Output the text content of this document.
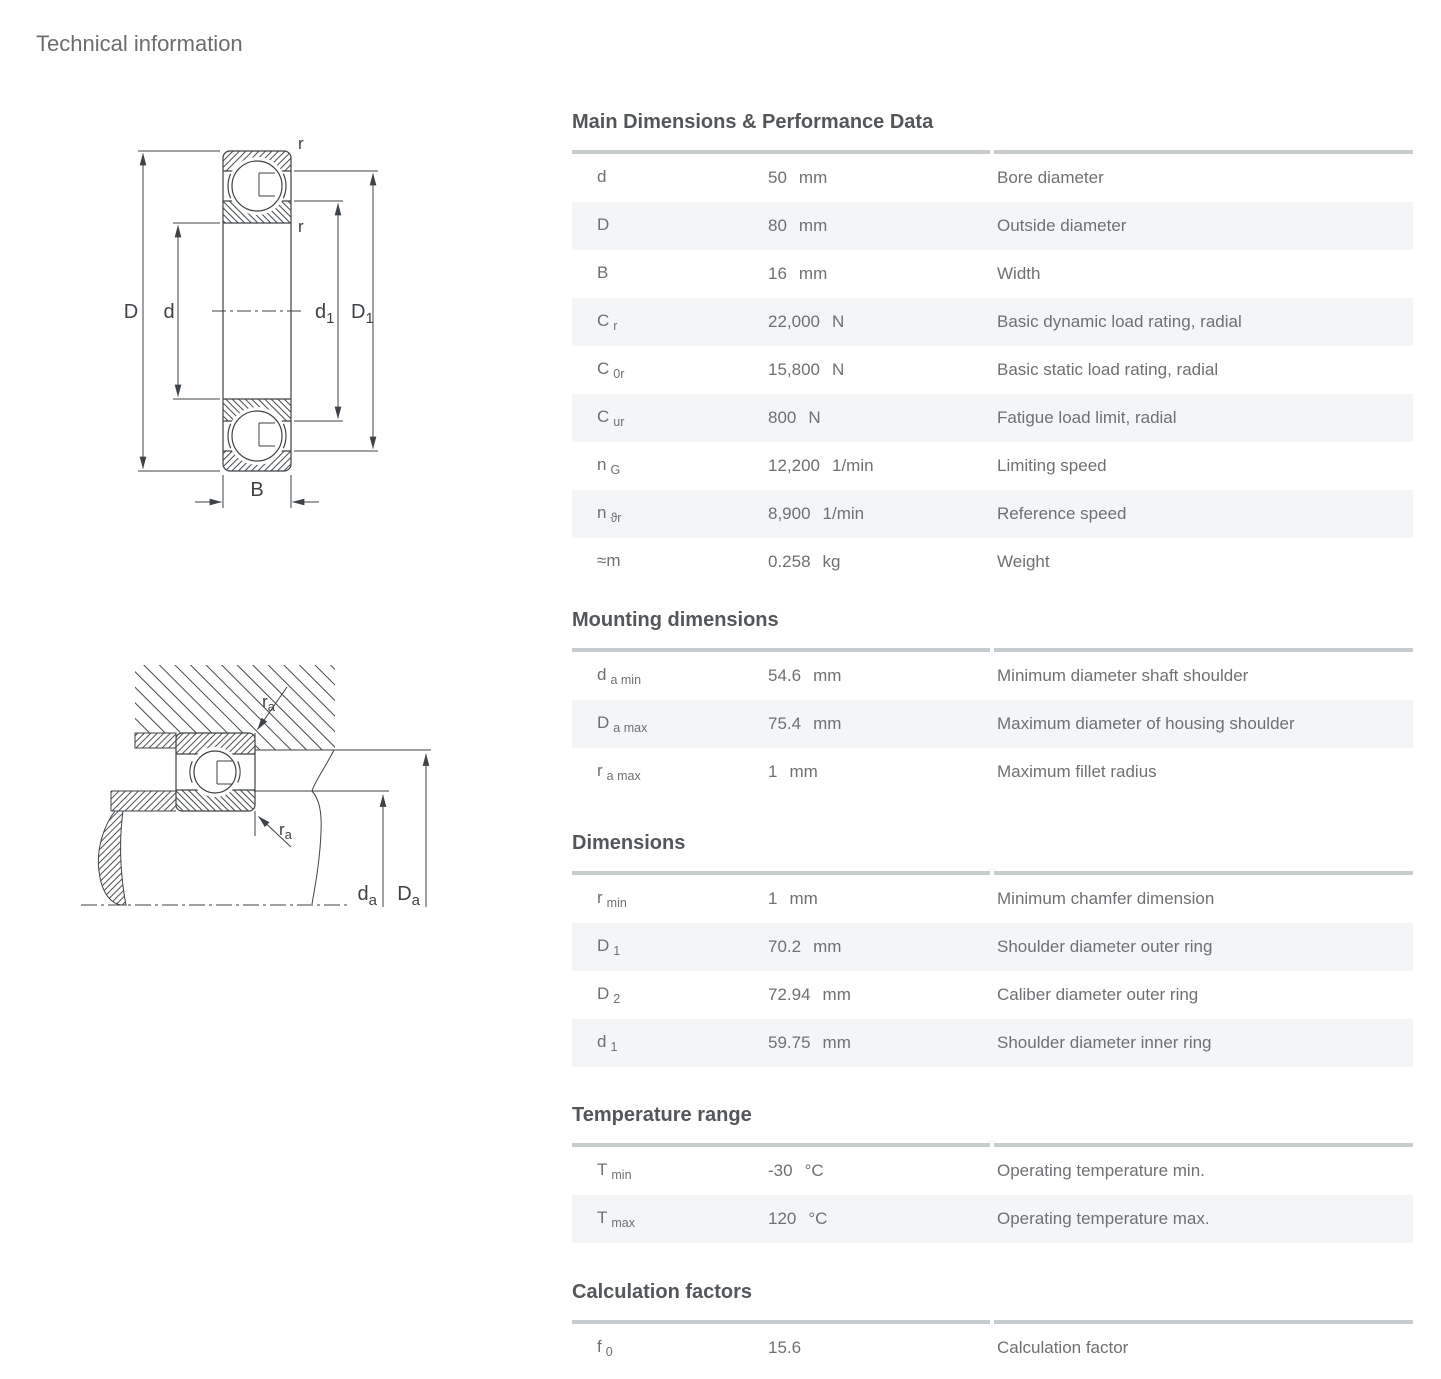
Technical information
D d	$d_1$ $D_1$
B
r
r
$r_a$
$r_a$
$d_a$ $D_a$
Main Dimensions & Performance Data
d	50 mm	Bore diameter
D	80 mm	Outside diameter
B	16 mm	Width
C $_r$	22,000 N	Basic dynamic load rating, radial
C $_{0r}$	15,800 N	Basic static load rating, radial
C $_{ur}$	800 N	Fatigue load limit, radial
n $_G$	12,200 1/min	Limiting speed
n $_{ϑr}$	8,900 1/min	Reference speed
≈m	0.258 kg	Weight
Mounting dimensions
d $_{a min}$	54.6 mm	Minimum diameter shaft shoulder
D $_{a max}$	75.4 mm	Maximum diameter of housing shoulder
r $_{a max}$	1 mm	Maximum fillet radius
Dimensions
r $_{min}$	1 mm	Minimum chamfer dimension
D $_1$	70.2 mm	Shoulder diameter outer ring
D $_2$	72.94 mm	Caliber diameter outer ring
d $_1$	59.75 mm	Shoulder diameter inner ring
Temperature range
T $_{min}$	-30 °C	Operating temperature min.
T $_{max}$	120 °C	Operating temperature max.
Calculation factors
f $_0$	15.6	Calculation factor
